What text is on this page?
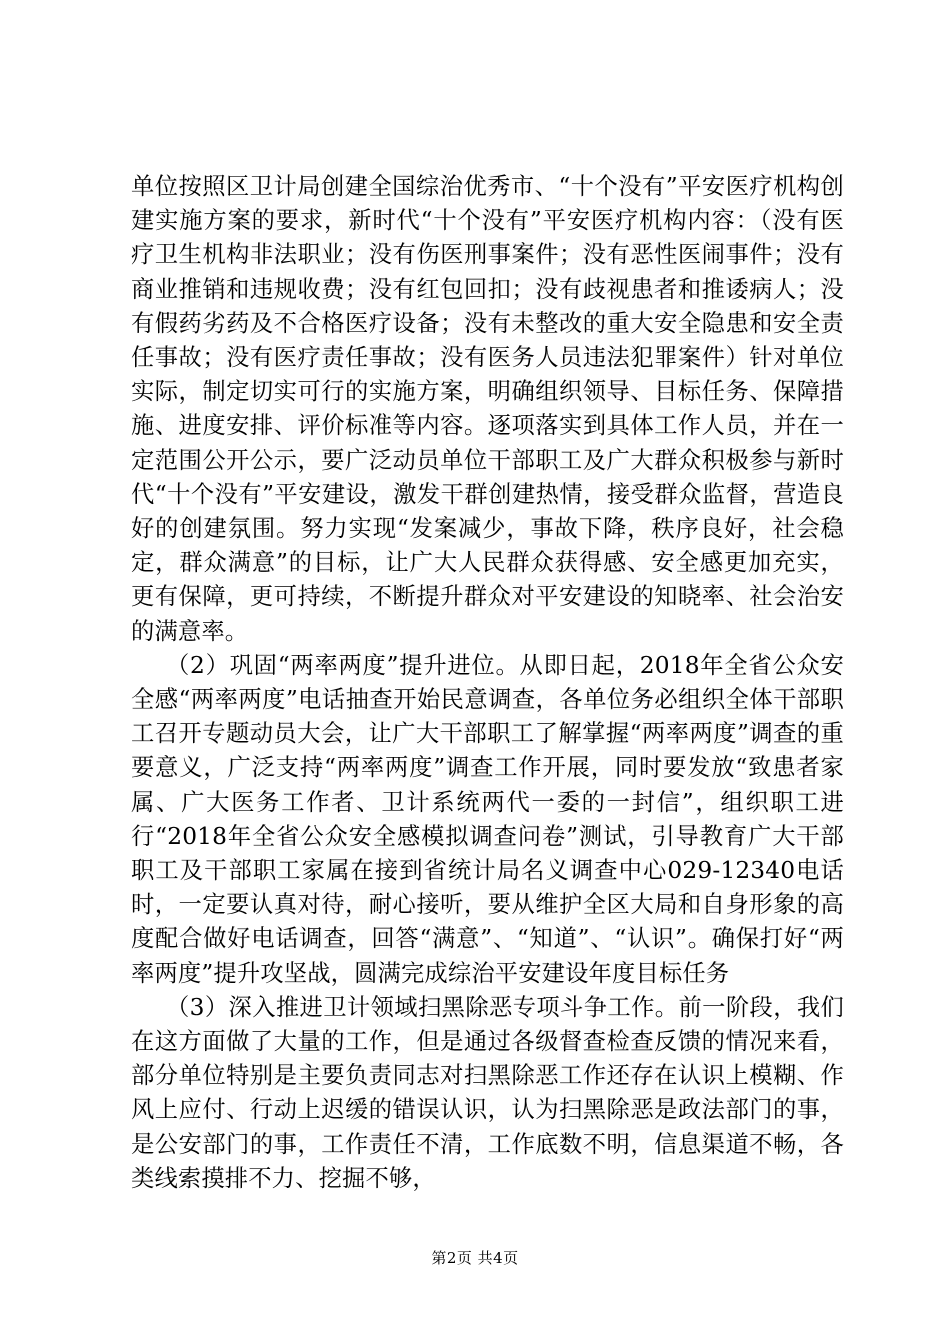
单位按照区卫计局创建全国综治优秀市、“十个没有”平安医疗机构创建实施方案的要求，新时代“十个没有”平安医疗机构内容：（没有医疗卫生机构非法职业；没有伤医刑事案件；没有恶性医闹事件；没有商业推销和违规收费；没有红包回扣；没有歧视患者和推诿病人；没有假药劣药及不合格医疗设备；没有未整改的重大安全隐患和安全责任事故；没有医疗责任事故；没有医务人员违法犯罪案件）针对单位实际，制定切实可行的实施方案，明确组织领导、目标任务、保障措施、进度安排、评价标准等内容。逐项落实到具体工作人员，并在一定范围公开公示，要广泛动员单位干部职工及广大群众积极参与新时代“十个没有”平安建设，激发干群创建热情，接受群众监督，营造良好的创建氛围。努力实现“发案减少，事故下降，秩序良好，社会稳定，群众满意”的目标，让广大人民群众获得感、安全感更加充实，更有保障，更可持续，不断提升群众对平安建设的知晓率、社会治安的满意率。

（2）巩固“两率两度”提升进位。从即日起，2018年全省公众安全感“两率两度”电话抽查开始民意调查，各单位务必组织全体干部职工召开专题动员大会，让广大干部职工了解掌握“两率两度”调查的重要意义，广泛支持“两率两度”调查工作开展，同时要发放“致患者家属、广大医务工作者、卫计系统两代一委的一封信”，组织职工进行“2018年全省公众安全感模拟调查问卷”测试，引导教育广大干部职工及干部职工家属在接到省统计局名义调查中心029-12340电话时，一定要认真对待，耐心接听，要从维护全区大局和自身形象的高度配合做好电话调查，回答“满意”、“知道”、“认识”。确保打好“两率两度”提升攻坚战，圆满完成综治平安建设年度目标任务

（3）深入推进卫计领域扫黑除恶专项斗争工作。前一阶段，我们在这方面做了大量的工作，但是通过各级督查检查反馈的情况来看，部分单位特别是主要负责同志对扫黑除恶工作还存在认识上模糊、作风上应付、行动上迟缓的错误认识，认为扫黑除恶是政法部门的事，是公安部门的事，工作责任不清，工作底数不明，信息渠道不畅，各类线索摸排不力、挖掘不够，

第2页 共4页
